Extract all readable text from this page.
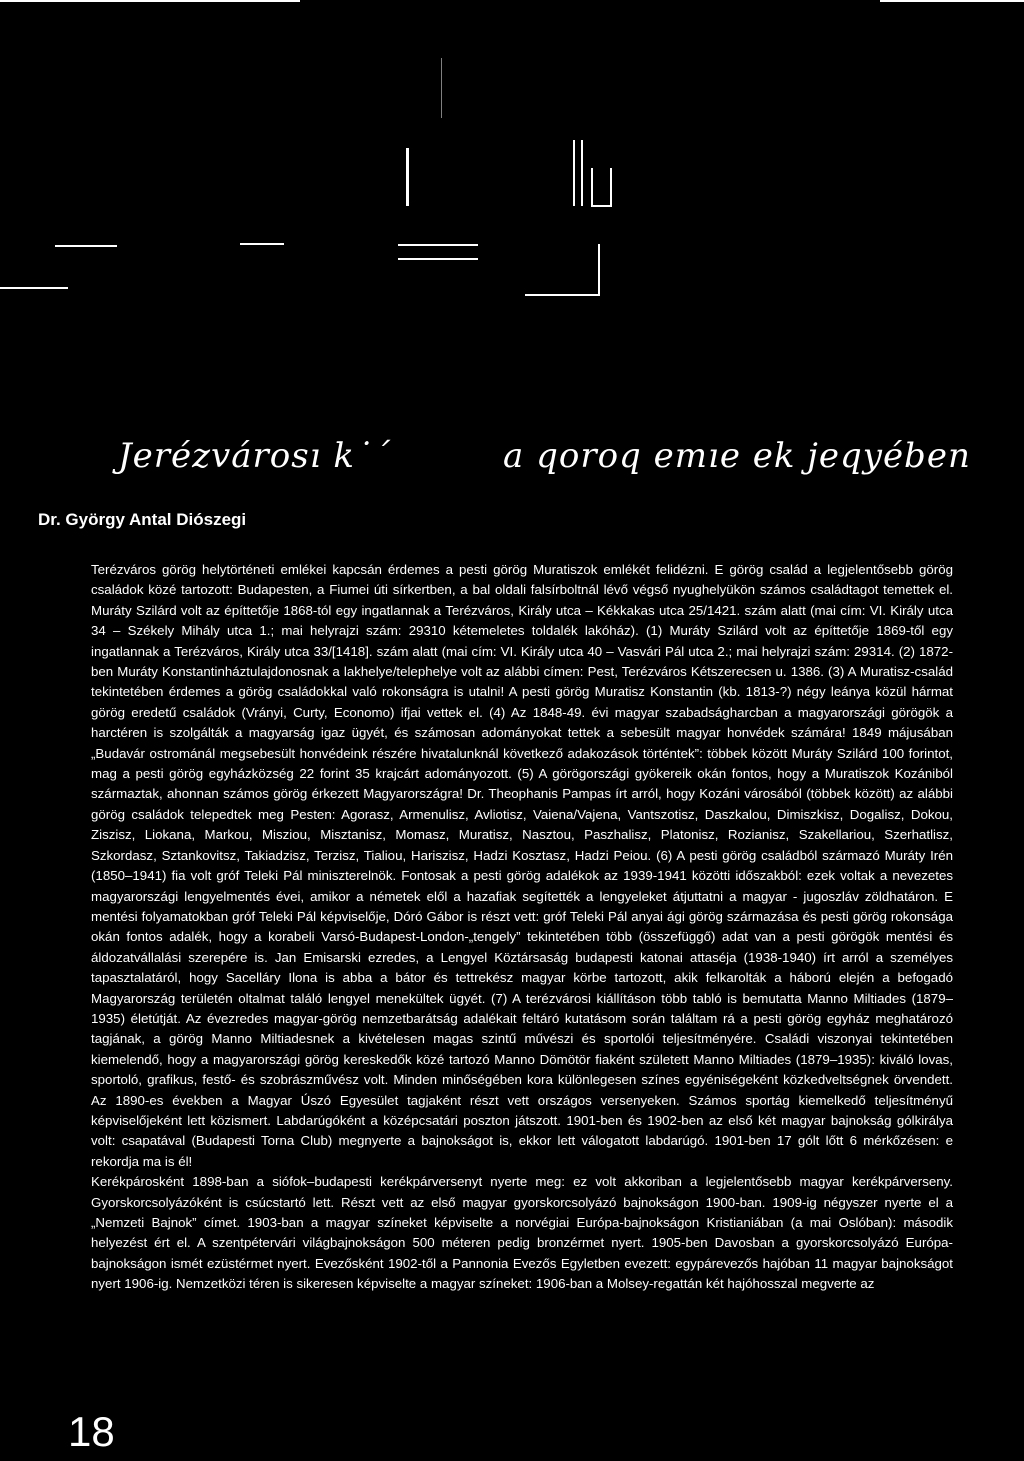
Jerézvárosı k˙ˊ	a qoroq emıe ek jeqyében
Dr. György Antal Diószegi

Terézváros görög helytörténeti emlékei kapcsán érdemes a pesti görög Muratiszok emlékét felidézni. E görög család a legjelentősebb görög családok közé tartozott: Budapesten, a Fiumei úti sírkertben, a bal oldali falsírboltnál lévő végső nyughelyükön számos családtagot temettek el. Muráty Szilárd volt az építtetője 1868-tól egy ingatlannak a Terézváros, Király utca – Kékkakas utca 25/1421. szám alatt (mai cím: VI. Király utca 34 – Székely Mihály utca 1.; mai helyrajzi szám: 29310 kétemeletes toldalék lakóház). (1) Muráty Szilárd volt az építtetője 1869-től egy ingatlannak a Terézváros, Király utca 33/[1418]. szám alatt (mai cím: VI. Király utca 40 – Vasvári Pál utca 2.; mai helyrajzi szám: 29314. (2) 1872-ben Muráty Konstantinháztulajdonosnak a lakhelye/telephelye volt az alábbi címen: Pest, Terézváros Kétszerecsen u. 1386. (3) A Muratisz-család tekintetében érdemes a görög családokkal való rokonságra is utalni! A pesti görög Muratisz Konstantin (kb. 1813-?) négy leánya közül hármat görög eredetű családok (Vrányi, Curty, Economo) ifjai vettek el. (4) Az 1848-49. évi magyar szabadságharcban a magyarországi görögök a harctéren is szolgálták a magyarság igaz ügyét, és számosan adományokat tettek a sebesült magyar honvédek számára! 1849 májusában „Budavár ostrománál megsebesült honvédeink részére hivatalunknál következő adakozások történtek”: többek között Muráty Szilárd 100 forintot, mag a pesti görög egyházközség 22 forint 35 krajcárt adományozott. (5) A görögországi gyökereik okán fontos, hogy a Muratiszok Kozániból származtak, ahonnan számos görög érkezett Magyarországra! Dr. Theophanis Pampas írt arról, hogy Kozáni városából (többek között) az alábbi görög családok telepedtek meg Pesten: Agorasz, Armenulisz, Avliotisz, Vaiena/Vajena, Vantszotisz, Daszkalou, Dimiszkisz, Dogalisz, Dokou, Ziszisz, Liokana, Markou, Misziou, Misztanisz, Momasz, Muratisz, Nasztou, Paszhalisz, Platonisz, Rozianisz, Szakellariou, Szerhatlisz, Szkordasz, Sztankovitsz, Takiadzisz, Terzisz, Tialiou, Hariszisz, Hadzi Kosztasz, Hadzi Peiou. (6) A pesti görög családból származó Muráty Irén (1850–1941) fia volt gróf Teleki Pál miniszterelnök. Fontosak a pesti görög adalékok az 1939-1941 közötti időszakból: ezek voltak a nevezetes magyarországi lengyelmentés évei, amikor a németek elől a hazafiak segítették a lengyeleket átjuttatni a magyar - jugoszláv zöldhatáron. E mentési folyamatokban gróf Teleki Pál képviselője, Dóró Gábor is részt vett: gróf Teleki Pál anyai ági görög származása és pesti görög rokonsága okán fontos adalék, hogy a korabeli Varsó-Budapest-London-„tengely” tekintetében több (összefüggő) adat van a pesti görögök mentési és áldozatvállalási szerepére is. Jan Emisarski ezredes, a Lengyel Köztársaság budapesti katonai attaséja (1938-1940) írt arról a személyes tapasztalatáról, hogy Sacelláry Ilona is abba a bátor és tettrekész magyar körbe tartozott, akik felkarolták a háború elején a befogadó Magyarország területén oltalmat találó lengyel menekültek ügyét. (7) A terézvárosi kiállításon több tabló is bemutatta Manno Miltiades (1879–1935) életútját. Az évezredes magyar-görög nemzetbarátság adalékait feltáró kutatásom során találtam rá a pesti görög egyház meghatározó tagjának, a görög Manno Miltiadesnek a kivételesen magas szintű művészi és sportolói teljesítményére. Családi viszonyai tekintetében kiemelendő, hogy a magyarországi görög kereskedők közé tartozó Manno Dömötör fiaként született Manno Miltiades (1879–1935): kiváló lovas, sportoló, grafikus, festő- és szobrászművész volt. Minden minőségében kora különlegesen színes egyéniségeként közkedveltségnek örvendett. Az 1890-es években a Magyar Úszó Egyesület tagjaként részt vett országos versenyeken. Számos sportág kiemelkedő teljesítményű képviselőjeként lett közismert. Labdarúgóként a középcsatári poszton játszott. 1901-ben és 1902-ben az első két magyar bajnokság gólkirálya volt: csapatával (Budapesti Torna Club) megnyerte a bajnokságot is, ekkor lett válogatott labdarúgó. 1901-ben 17 gólt lőtt 6 mérkőzésen: e rekordja ma is él!

Kerékpárosként 1898-ban a siófok–budapesti kerékpárversenyt nyerte meg: ez volt akkoriban a legjelentősebb magyar kerékpárverseny. Gyorskorcsolyázóként is csúcstartó lett. Részt vett az első magyar gyorskorcsolyázó bajnokságon 1900-ban. 1909-ig négyszer nyerte el a „Nemzeti Bajnok” címet. 1903-ban a magyar színeket képviselte a norvégiai Európa-bajnokságon Kristianiában (a mai Oslóban): második helyezést ért el. A szentpétervári világbajnokságon 500 méteren pedig bronzérmet nyert. 1905-ben Davosban a gyorskorcsolyázó Európa-bajnokságon ismét ezüstérmet nyert. Evezősként 1902-től a Pannonia Evezős Egyletben evezett: egypárevezős hajóban 11 magyar bajnokságot nyert 1906-ig. Nemzetközi téren is sikeresen képviselte a magyar színeket: 1906-ban a Molsey-regattán két hajóhosszal megverte az

18
